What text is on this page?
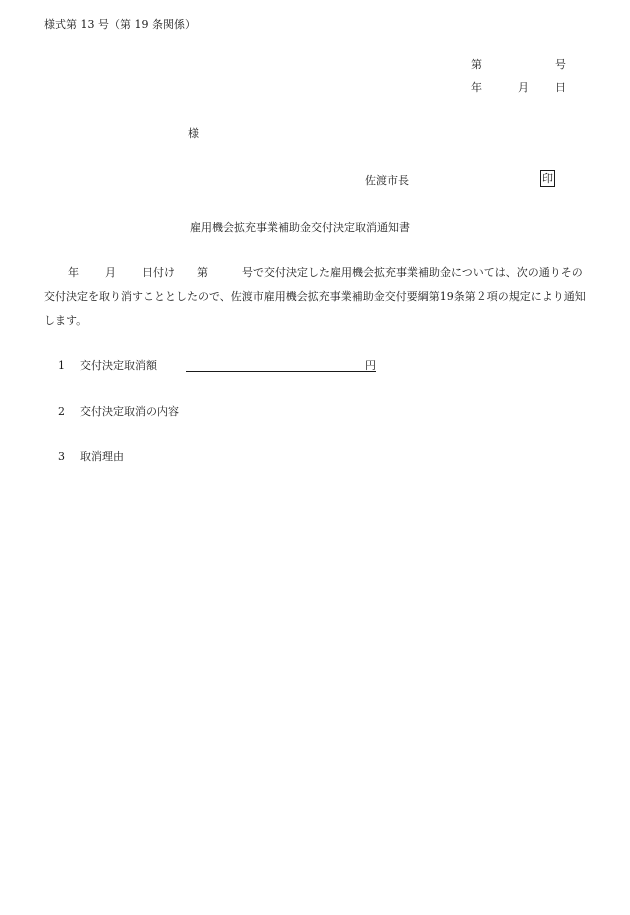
様式第 13 号（第 19 条関係）
第	号
年	月 日
様
佐渡市長	印
雇用機会拡充事業補助金交付決定取消通知書
年 月 日付け 第	号で交付決定した雇用機会拡充事業補助金については、次の通りその交付決定を取り消すこととしたので、佐渡市雇用機会拡充事業補助金交付要綱第19条第２項の規定により通知します。
1 交付決定取消額	円
2 交付決定取消の内容
3 取消理由
